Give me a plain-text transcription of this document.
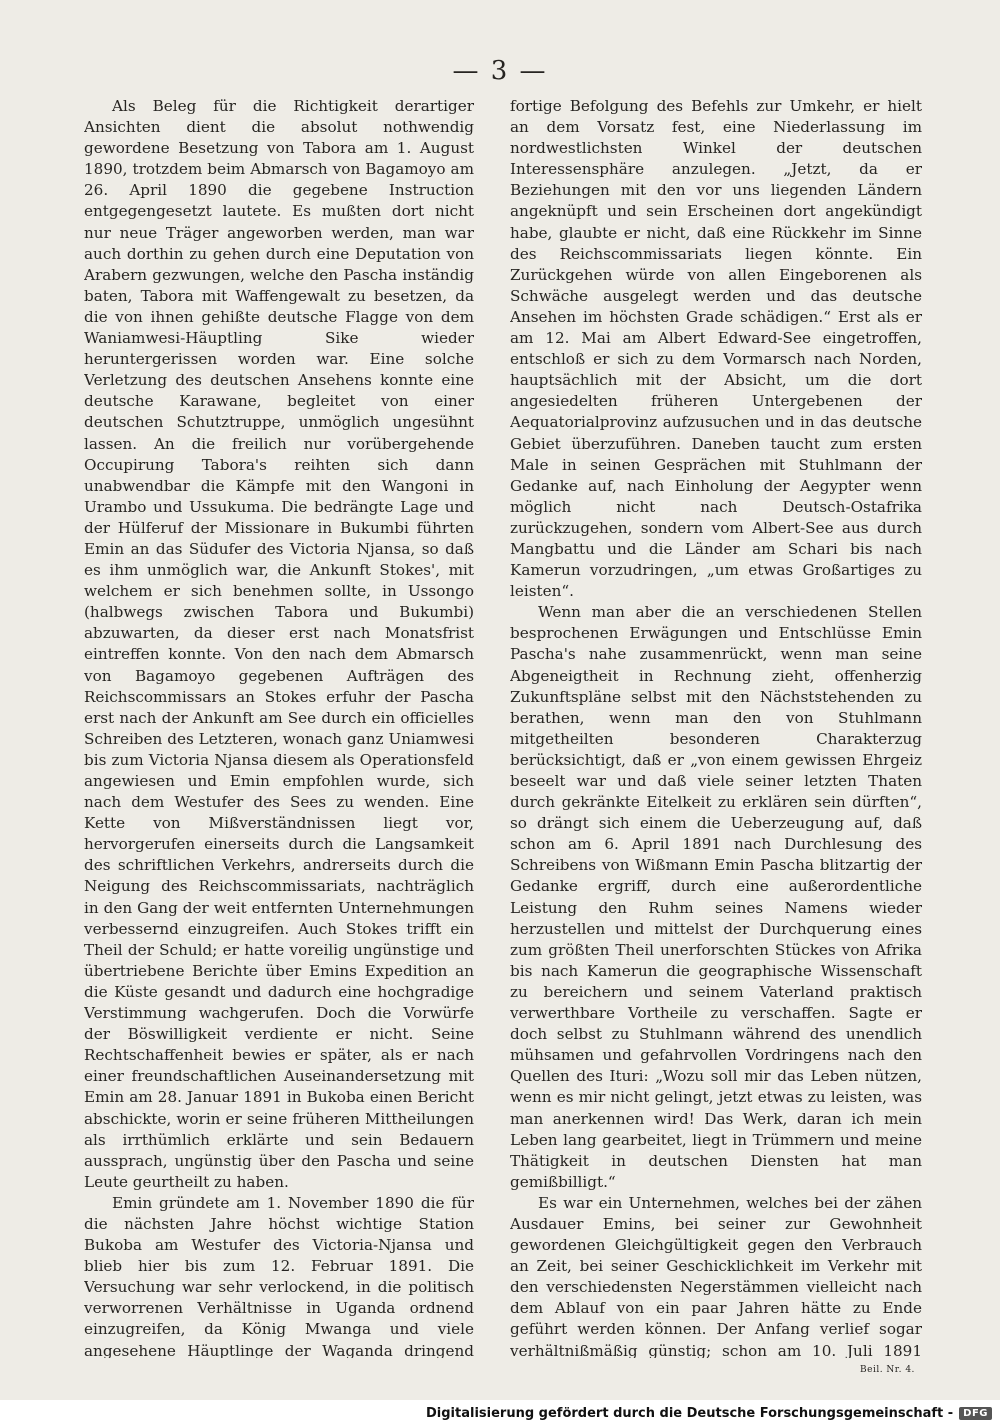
— 3 —

Als Beleg für die Richtigkeit derartiger Ansichten dient die absolut nothwendig gewordene Besetzung von Tabora am 1. August 1890, trotzdem beim Abmarsch von Bagamoyo am 26. April 1890 die gegebene Instruction entgegengesetzt lautete. Es mußten dort nicht nur neue Träger angeworben werden, man war auch dorthin zu gehen durch eine Deputation von Arabern gezwungen, welche den Pascha inständig baten, Tabora mit Waffengewalt zu besetzen, da die von ihnen gehißte deutsche Flagge von dem Waniamwesi-Häuptling Sike wieder heruntergerissen worden war. Eine solche Verletzung des deutschen Ansehens konnte eine deutsche Karawane, begleitet von einer deutschen Schutztruppe, unmöglich ungesühnt lassen. An die freilich nur vorübergehende Occupirung Tabora's reihten sich dann unabwendbar die Kämpfe mit den Wangoni in Urambo und Ussukuma. Die bedrängte Lage und der Hülferuf der Missionare in Bukumbi führten Emin an das Südufer des Victoria Njansa, so daß es ihm unmöglich war, die Ankunft Stokes', mit welchem er sich benehmen sollte, in Ussongo (halbwegs zwischen Tabora und Bukumbi) abzuwarten, da dieser erst nach Monatsfrist eintreffen konnte. Von den nach dem Abmarsch von Bagamoyo gegebenen Aufträgen des Reichscommissars an Stokes erfuhr der Pascha erst nach der Ankunft am See durch ein officielles Schreiben des Letzteren, wonach ganz Uniamwesi bis zum Victoria Njansa diesem als Operationsfeld angewiesen und Emin empfohlen wurde, sich nach dem Westufer des Sees zu wenden. Eine Kette von Mißverständnissen liegt vor, hervorgerufen einerseits durch die Langsamkeit des schriftlichen Verkehrs, andrerseits durch die Neigung des Reichscommissariats, nachträglich in den Gang der weit entfernten Unternehmungen verbessernd einzugreifen. Auch Stokes trifft ein Theil der Schuld; er hatte voreilig ungünstige und übertriebene Berichte über Emins Expedition an die Küste gesandt und dadurch eine hochgradige Verstimmung wachgerufen. Doch die Vorwürfe der Böswilligkeit verdiente er nicht. Seine Rechtschaffenheit bewies er später, als er nach einer freundschaftlichen Auseinandersetzung mit Emin am 28. Januar 1891 in Bukoba einen Bericht abschickte, worin er seine früheren Mittheilungen als irrthümlich erklärte und sein Bedauern aussprach, ungünstig über den Pascha und seine Leute geurtheilt zu haben.

Emin gründete am 1. November 1890 die für die nächsten Jahre höchst wichtige Station Bukoba am Westufer des Victoria-Njansa und blieb hier bis zum 12. Februar 1891. Die Versuchung war sehr verlockend, in die politisch verworrenen Verhältnisse in Uganda ordnend einzugreifen, da König Mwanga und viele angesehene Häuptlinge der Waganda dringend

fortige Befolgung des Befehls zur Umkehr, er hielt an dem Vorsatz fest, eine Niederlassung im nordwestlichsten Winkel der deutschen Interessensphäre anzulegen. „Jetzt, da er Beziehungen mit den vor uns liegenden Ländern angeknüpft und sein Erscheinen dort angekündigt habe, glaubte er nicht, daß eine Rückkehr im Sinne des Reichscommissariats liegen könnte. Ein Zurückgehen würde von allen Eingeborenen als Schwäche ausgelegt werden und das deutsche Ansehen im höchsten Grade schädigen.“ Erst als er am 12. Mai am Albert Edward-See eingetroffen, entschloß er sich zu dem Vormarsch nach Norden, hauptsächlich mit der Absicht, um die dort angesiedelten früheren Untergebenen der Aequatorialprovinz aufzusuchen und in das deutsche Gebiet überzuführen. Daneben taucht zum ersten Male in seinen Gesprächen mit Stuhlmann der Gedanke auf, nach Einholung der Aegypter wenn möglich nicht nach Deutsch-Ostafrika zurückzugehen, sondern vom Albert-See aus durch Mangbattu und die Länder am Schari bis nach Kamerun vorzudringen, „um etwas Großartiges zu leisten“.

Wenn man aber die an verschiedenen Stellen besprochenen Erwägungen und Entschlüsse Emin Pascha's nahe zusammenrückt, wenn man seine Abgeneigtheit in Rechnung zieht, offenherzig Zukunftspläne selbst mit den Nächststehenden zu berathen, wenn man den von Stuhlmann mitgetheilten besonderen Charakterzug berücksichtigt, daß er „von einem gewissen Ehrgeiz beseelt war und daß viele seiner letzten Thaten durch gekränkte Eitelkeit zu erklären sein dürften“, so drängt sich einem die Ueberzeugung auf, daß schon am 6. April 1891 nach Durchlesung des Schreibens von Wißmann Emin Pascha blitzartig der Gedanke ergriff, durch eine außerordentliche Leistung den Ruhm seines Namens wieder herzustellen und mittelst der Durchquerung eines zum größten Theil unerforschten Stückes von Afrika bis nach Kamerun die geographische Wissenschaft zu bereichern und seinem Vaterland praktisch verwerthbare Vortheile zu verschaffen. Sagte er doch selbst zu Stuhlmann während des unendlich mühsamen und gefahrvollen Vordringens nach den Quellen des Ituri: „Wozu soll mir das Leben nützen, wenn es mir nicht gelingt, jetzt etwas zu leisten, was man anerkennen wird! Das Werk, daran ich mein Leben lang gearbeitet, liegt in Trümmern und meine Thätigkeit in deutschen Diensten hat man gemißbilligt.“

Es war ein Unternehmen, welches bei der zähen Ausdauer Emins, bei seiner zur Gewohnheit gewordenen Gleichgültigkeit gegen den Verbrauch an Zeit, bei seiner Geschicklichkeit im Verkehr mit den verschiedensten Negerstämmen vielleicht nach dem Ablauf von ein paar Jahren hätte zu Ende geführt werden können. Der Anfang verlief sogar verhältnißmäßig günstig; schon am 10. Juli 1891

Beil. Nr. 4.
Digitalisierung gefördert durch die Deutsche Forschungsgemeinschaft -	DFG
